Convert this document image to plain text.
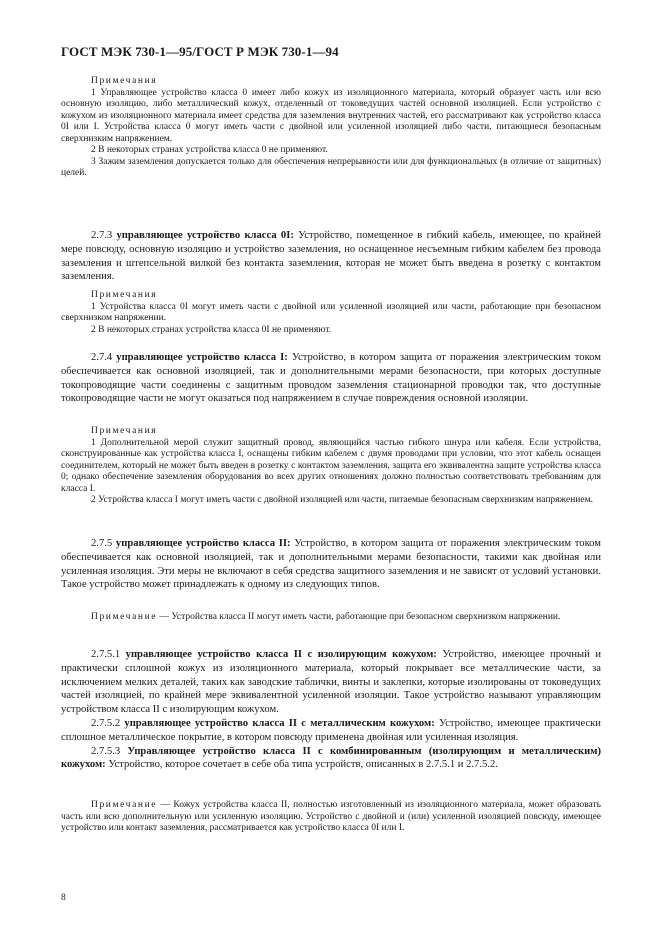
ГОСТ МЭК 730-1—95/ГОСТ Р МЭК 730-1—94

Примечания

1 Управляющее устройство класса 0 имеет либо кожух из изоляционного материала, который образует часть или всю основную изоляцию, либо металлический кожух, отделенный от токоведущих частей основной изоляцией. Если устройство с кожухом из изоляционного материала имеет средства для заземления внутренних частей, его рассматривают как устройство класса 0I или I. Устройства класса 0 могут иметь части с двойной или усиленной изоляцией либо части, питающиеся безопасным сверхнизким напряжением.

2 В некоторых странах устройства класса 0 не применяют.

3 Зажим заземления допускается только для обеспечения непрерывности или для функциональных (в отличие от защитных) целей.

2.7.3 управляющее устройство класса 0I: Устройство, помещенное в гибкий кабель, имеющее, по крайней мере повсюду, основную изоляцию и устройство заземления, но оснащенное несъемным гибким кабелем без провода заземления и штепсельной вилкой без контакта заземления, которая не может быть введена в розетку с контактом заземления.

Примечания

1 Устройства класса 0I могут иметь части с двойной или усиленной изоляцией или части, работающие при безопасном сверхнизком напряжении.

2 В некоторых странах устройства класса 0I не применяют.

2.7.4 управляющее устройство класса I: Устройство, в котором защита от поражения электрическим током обеспечивается как основной изоляцией, так и дополнительными мерами безопасности, при которых доступные токопроводящие части соединены с защитным проводом заземления стационарной проводки так, что доступные токопроводящие части не могут оказаться под напряжением в случае повреждения основной изоляции.

Примечания

1 Дополнительной мерой служит защитный провод, являющийся частью гибкого шнура или кабеля. Если устройства, сконструированные как устройства класса I, оснащены гибким кабелем с двумя проводами при условии, что этот кабель оснащен соединителем, который не может быть введен в розетку с контактом заземления, защита его эквивалентна защите устройства класса 0; однако обеспечение заземления оборудования во всех других отношениях должно полностью соответствовать требованиям для класса I.

2 Устройства класса I могут иметь части с двойной изоляцией или части, питаемые безопасным сверхнизким напряжением.

2.7.5 управляющее устройство класса II: Устройство, в котором защита от поражения электрическим током обеспечивается как основной изоляцией, так и дополнительными мерами безопасности, такими как двойная или усиленная изоляция. Эти меры не включают в себя средства защитного заземления и не зависят от условий установки. Такое устройство может принадлежать к одному из следующих типов.

Примечание — Устройства класса II могут иметь части, работающие при безопасном сверхнизком напряжении.

2.7.5.1 управляющее устройство класса II с изолирующим кожухом: Устройство, имеющее прочный и практически сплошной кожух из изоляционного материала, который покрывает все металлические части, за исключением мелких деталей, таких как заводские таблички, винты и заклепки, которые изолированы от токоведущих частей изоляцией, по крайней мере эквивалентной усиленной изоляции. Такое устройство называют управляющим устройством класса II с изолирующим кожухом.

2.7.5.2 управляющее устройство класса II с металлическим кожухом: Устройство, имеющее практически сплошное металлическое покрытие, в котором повсюду применена двойная или усиленная изоляция.

2.7.5.3 Управляющее устройство класса II с комбинированным (изолирующим и металлическим) кожухом: Устройство, которое сочетает в себе оба типа устройств, описанных в 2.7.5.1 и 2.7.5.2.

Примечание — Кожух устройства класса II, полностью изготовленный из изоляционного материала, может образовать часть или всю дополнительную или усиленную изоляцию. Устройство с двойной и (или) усиленной изоляцией повсюду, имеющее устройство или контакт заземления, рассматривается как устройство класса 0I или I.

8
